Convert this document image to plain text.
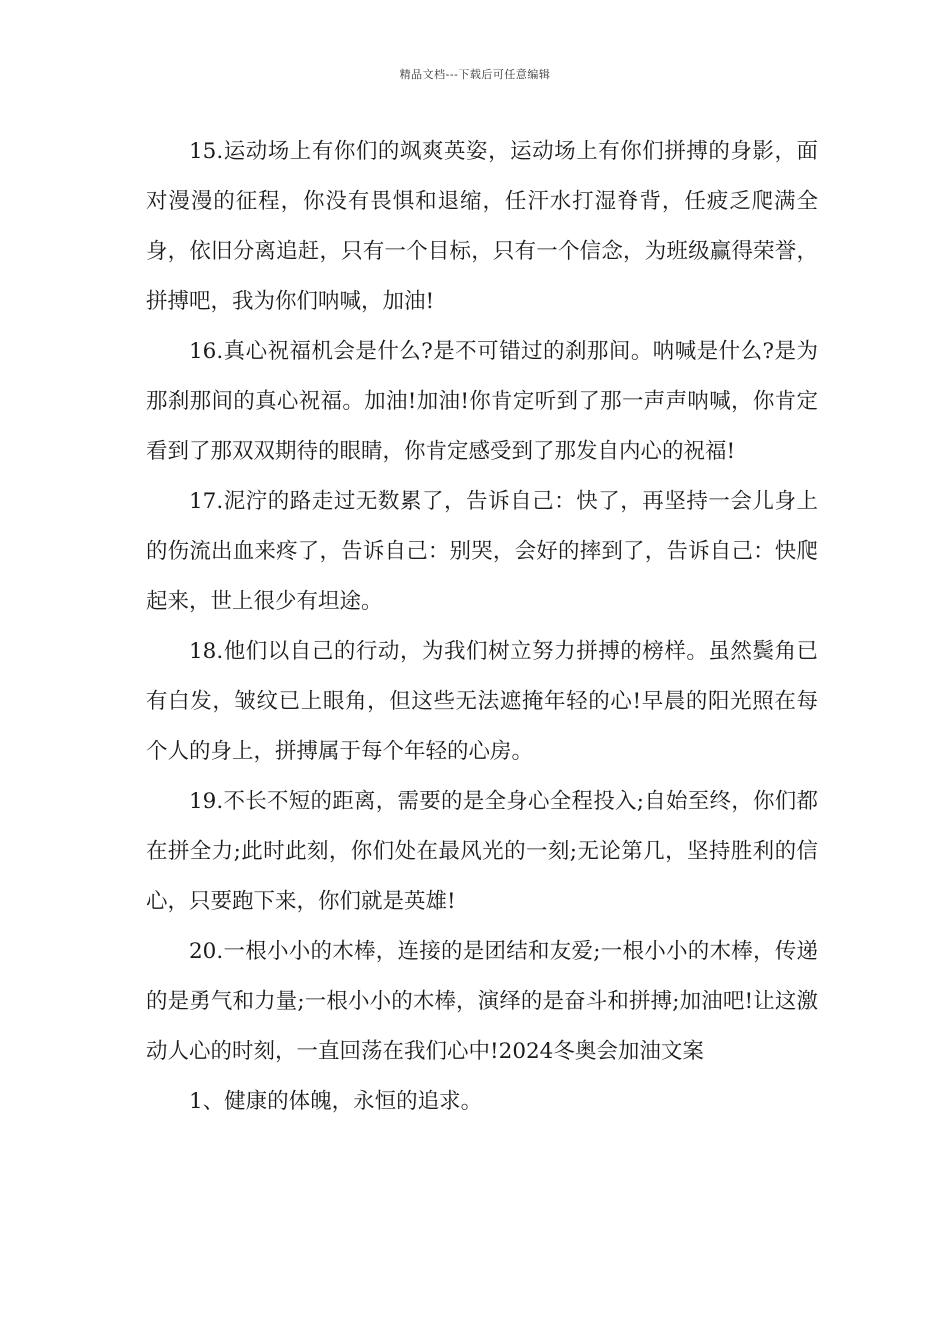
精品文档---下载后可任意编辑

15.运动场上有你们的飒爽英姿，运动场上有你们拼搏的身影，面对漫漫的征程，你没有畏惧和退缩，任汗水打湿脊背，任疲乏爬满全身，依旧分离追赶，只有一个目标，只有一个信念，为班级赢得荣誉，拼搏吧，我为你们呐喊，加油!

16.真心祝福机会是什么?是不可错过的刹那间。呐喊是什么?是为那刹那间的真心祝福。加油!加油!你肯定听到了那一声声呐喊，你肯定看到了那双双期待的眼睛，你肯定感受到了那发自内心的祝福!

17.泥泞的路走过无数累了，告诉自己：快了，再坚持一会儿身上的伤流出血来疼了，告诉自己：别哭，会好的摔到了，告诉自己：快爬起来，世上很少有坦途。

18.他们以自己的行动，为我们树立努力拼搏的榜样。虽然鬓角已有白发，皱纹已上眼角，但这些无法遮掩年轻的心!早晨的阳光照在每个人的身上，拼搏属于每个年轻的心房。

19.不长不短的距离，需要的是全身心全程投入;自始至终，你们都在拼全力;此时此刻，你们处在最风光的一刻;无论第几，坚持胜利的信心，只要跑下来，你们就是英雄!

20.一根小小的木棒，连接的是团结和友爱;一根小小的木棒，传递的是勇气和力量;一根小小的木棒，演绎的是奋斗和拼搏;加油吧!让这激动人心的时刻，一直回荡在我们心中!2024冬奥会加油文案

1、健康的体魄，永恒的追求。
